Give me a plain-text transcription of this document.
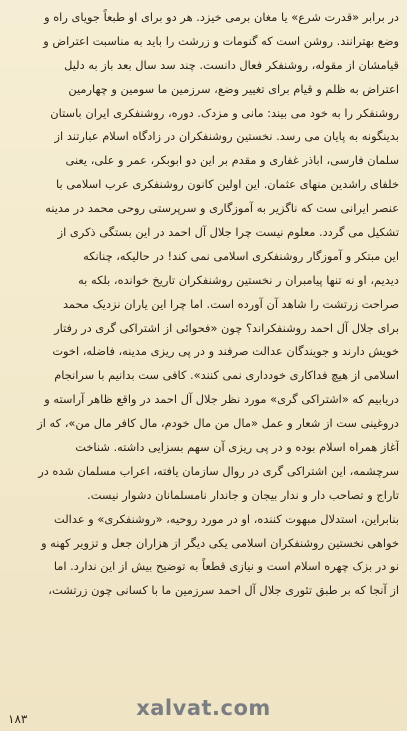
در برابر «قدرت شرع» یا مغان برمی خیزد. هر دو برای او طبعاً جویای راه و
وضع بهترانند. روشن است که گنومات و زرشت را باید به مناسبت اعتراض و
قیامشان از مقوله، روشنفکر فعال دانست. چند سد سال بعد باز به دلیل
اعتراض به ظلم و قیام برای تغییر وضع، سرزمین ما سومین و چهارمین
روشنفکر را به خود می بیند: مانی و مزدک. دوره، روشنفکری ایران باستان
بدینگونه به پایان می رسد. نخستین روشنفکران در زادگاه اسلام عبارتند از
سلمان فارسی، اباذر غفاری و مقدم بر این دو ابوبکر، عمر و علی، یعنی
خلفای راشدین منهای عثمان. این اولین کانون روشنفکری عرب اسلامی با
عنصر ایرانی ست که ناگزیر به آموزگاری و سرپرستی روحی محمد در مدینه
تشکیل می گردد. معلوم نیست چرا جلال آل احمد در این بستگی ذکری از
این مبتکر و آموزگار روشنفکری اسلامی نمی کند! در حالیکه، چنانکه
دیدیم، او نه تنها پیامبران ر نخستین روشنفکران تاریخ خوانده، بلکه به
صراحت زرتشت را شاهد آن آورده است. اما چرا این یاران نزدیک محمد
برای جلال آل احمد روشنفکراند؟ چون «فحوائی از اشتراکی گری در رفتار
خویش دارند و جویندگان عدالت صرفند و در پی ریزی مدینه، فاضله، اخوت
اسلامی از هیچ فداکاری خودداری نمی کنند». کافی ست بدانیم با سرانجام
دریابیم که «اشتراکی گری» مورد نظر جلال آل احمد در واقع ظاهر آراسته و
دروغینی ست از شعار و عمل «مال من مال خودم، مال کافر مال من»، که از
آغاز همراه اسلام بوده و در پی ریزی آن سهم بسزایی داشته. شناخت
سرچشمه، این اشتراکی گری در روال سازمان یافته، اعراب مسلمان شده در
تاراج و تصاحب دار و ندار بیجان و جاندار نامسلمانان دشوار نیست.
بنابراین، استدلال مبهوت کننده، او در مورد روحیه، «روشنفکری» و عدالت
خواهی نخستین روشنفکران اسلامی یکی دیگر از هزاران جعل و تزویر کهنه و
نو در بزک چهره اسلام است و نیازی قطعاً به توضیح بیش از این ندارد. اما
از آنجا که بر طبق تئوری جلال آل احمد سرزمین ما با کسانی چون زرتشت،
xalvat.com
۱۸۳
